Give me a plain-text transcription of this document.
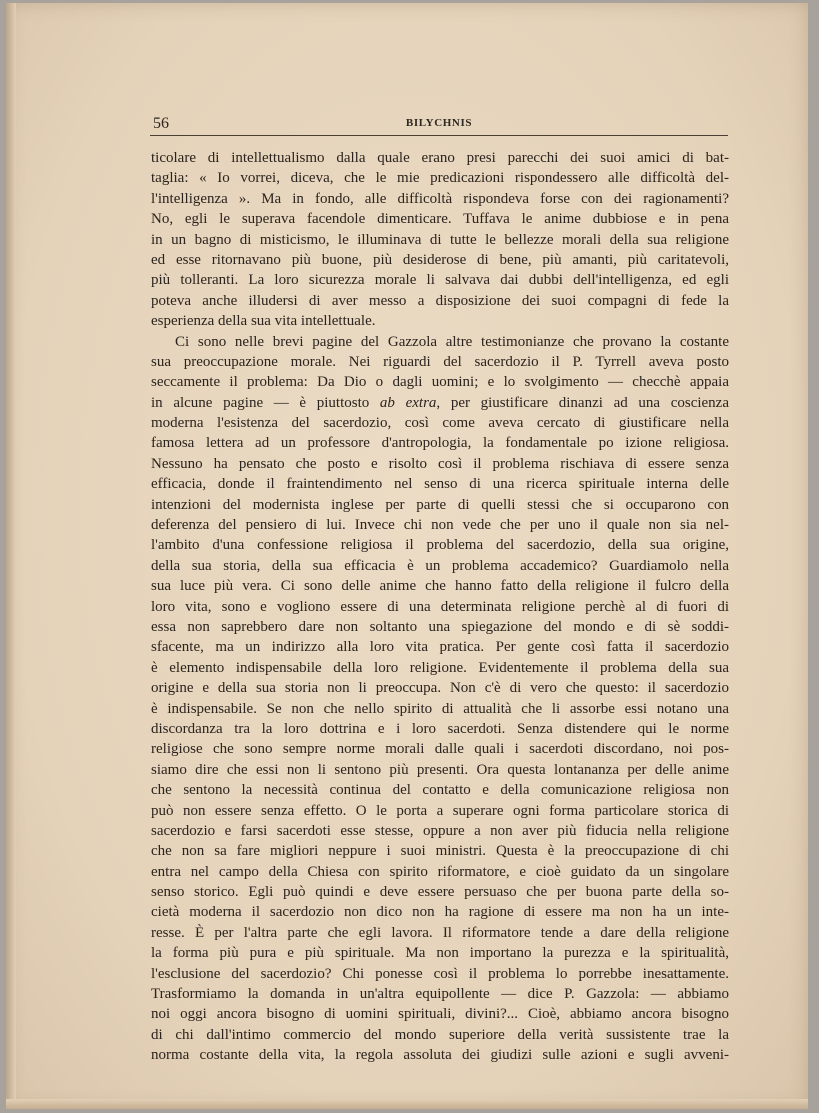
56	BILYCHNIS
ticolare di intellettualismo dalla quale erano presi parecchi dei suoi amici di bat-
taglia: « Io vorrei, diceva, che le mie predicazioni rispondessero alle difficoltà del-
l'intelligenza ». Ma in fondo, alle difficoltà rispondeva forse con dei ragionamenti?
No, egli le superava facendole dimenticare. Tuffava le anime dubbiose e in pena
in un bagno di misticismo, le illuminava di tutte le bellezze morali della sua religione
ed esse ritornavano più buone, più desiderose di bene, più amanti, più caritatevoli,
più tolleranti. La loro sicurezza morale li salvava dai dubbi dell'intelligenza, ed egli
poteva anche illudersi di aver messo a disposizione dei suoi compagni di fede la
esperienza della sua vita intellettuale.
Ci sono nelle brevi pagine del Gazzola altre testimonianze che provano la costante
sua preoccupazione morale. Nei riguardi del sacerdozio il P. Tyrrell aveva posto
seccamente il problema: Da Dio o dagli uomini; e lo svolgimento — checchè appaia
in alcune pagine — è piuttosto ab extra, per giustificare dinanzi ad una coscienza
moderna l'esistenza del sacerdozio, così come aveva cercato di giustificare nella
famosa lettera ad un professore d'antropologia, la fondamentale po izione religiosa.
Nessuno ha pensato che posto e risolto così il problema rischiava di essere senza
efficacia, donde il fraintendimento nel senso di una ricerca spirituale interna delle
intenzioni del modernista inglese per parte di quelli stessi che si occuparono con
deferenza del pensiero di lui. Invece chi non vede che per uno il quale non sia nel-
l'ambito d'una confessione religiosa il problema del sacerdozio, della sua origine,
della sua storia, della sua efficacia è un problema accademico? Guardiamolo nella
sua luce più vera. Ci sono delle anime che hanno fatto della religione il fulcro della
loro vita, sono e vogliono essere di una determinata religione perchè al di fuori di
essa non saprebbero dare non soltanto una spiegazione del mondo e di sè soddi-
sfacente, ma un indirizzo alla loro vita pratica. Per gente così fatta il sacerdozio
è elemento indispensabile della loro religione. Evidentemente il problema della sua
origine e della sua storia non li preoccupa. Non c'è di vero che questo: il sacerdozio
è indispensabile. Se non che nello spirito di attualità che li assorbe essi notano una
discordanza tra la loro dottrina e i loro sacerdoti. Senza distendere qui le norme
religiose che sono sempre norme morali dalle quali i sacerdoti discordano, noi pos-
siamo dire che essi non li sentono più presenti. Ora questa lontananza per delle anime
che sentono la necessità continua del contatto e della comunicazione religiosa non
può non essere senza effetto. O le porta a superare ogni forma particolare storica di
sacerdozio e farsi sacerdoti esse stesse, oppure a non aver più fiducia nella religione
che non sa fare migliori neppure i suoi ministri. Questa è la preoccupazione di chi
entra nel campo della Chiesa con spirito riformatore, e cioè guidato da un singolare
senso storico. Egli può quindi e deve essere persuaso che per buona parte della so-
cietà moderna il sacerdozio non dico non ha ragione di essere ma non ha un inte-
resse. È per l'altra parte che egli lavora. Il riformatore tende a dare della religione
la forma più pura e più spirituale. Ma non importano la purezza e la spiritualità,
l'esclusione del sacerdozio? Chi ponesse così il problema lo porrebbe inesattamente.
Trasformiamo la domanda in un'altra equipollente — dice P. Gazzola: — abbiamo
noi oggi ancora bisogno di uomini spirituali, divini?... Cioè, abbiamo ancora bisogno
di chi dall'intimo commercio del mondo superiore della verità sussistente trae la
norma costante della vita, la regola assoluta dei giudizi sulle azioni e sugli avveni-
